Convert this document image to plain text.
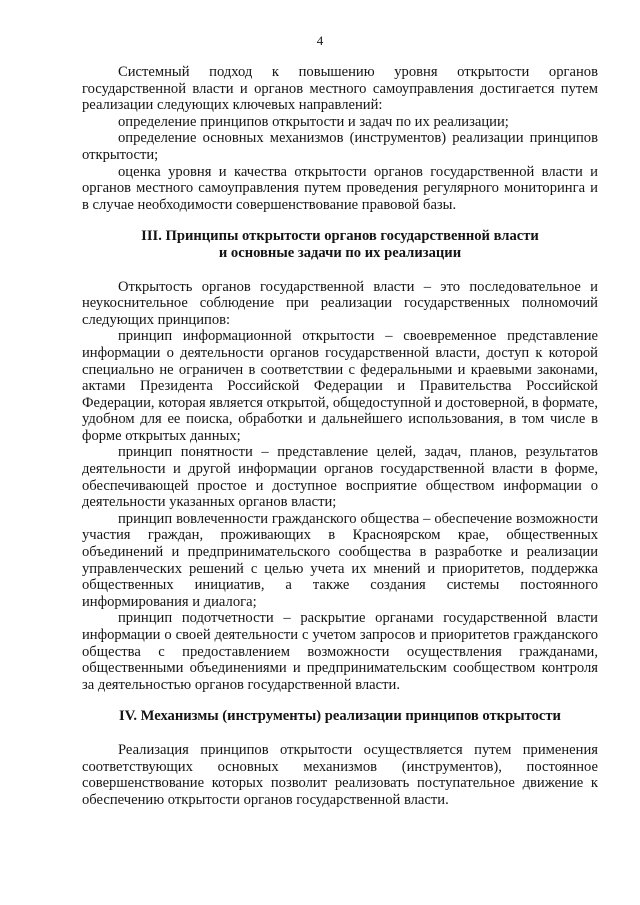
4

Системный подход к повышению уровня открытости органов государственной власти и органов местного самоуправления достигается путем реализации следующих ключевых направлений:

определение принципов открытости и задач по их реализации;

определение основных механизмов (инструментов) реализации принципов открытости;

оценка уровня и качества открытости органов государственной власти и органов местного самоуправления путем проведения регулярного мониторинга и в случае необходимости совершенствование правовой базы.

III. Принципы открытости органов государственной власти
и основные задачи по их реализации

Открытость органов государственной власти – это последовательное и неукоснительное соблюдение при реализации государственных полномочий следующих принципов:

принцип информационной открытости – своевременное представление информации о деятельности органов государственной власти, доступ к которой специально не ограничен в соответствии с федеральными и краевыми законами, актами Президента Российской Федерации и Правительства Российской Федерации, которая является открытой, общедоступной и достоверной, в формате, удобном для ее поиска, обработки и дальнейшего использования, в том числе в форме открытых данных;

принцип понятности – представление целей, задач, планов, результатов деятельности и другой информации органов государственной власти в форме, обеспечивающей простое и доступное восприятие обществом информации о деятельности указанных органов власти;

принцип вовлеченности гражданского общества – обеспечение возможности участия граждан, проживающих в Красноярском крае, общественных объединений и предпринимательского сообщества в разработке и реализации управленческих решений с целью учета их мнений и приоритетов, поддержка общественных инициатив, а также создания системы постоянного информирования и диалога;

принцип подотчетности – раскрытие органами государственной власти информации о своей деятельности с учетом запросов и приоритетов гражданского общества с предоставлением возможности осуществления гражданами, общественными объединениями и предпринимательским сообществом контроля за деятельностью органов государственной власти.

IV. Механизмы (инструменты) реализации принципов открытости

Реализация принципов открытости осуществляется путем применения соответствующих основных механизмов (инструментов), постоянное совершенствование которых позволит реализовать поступательное движение к обеспечению открытости органов государственной власти.
